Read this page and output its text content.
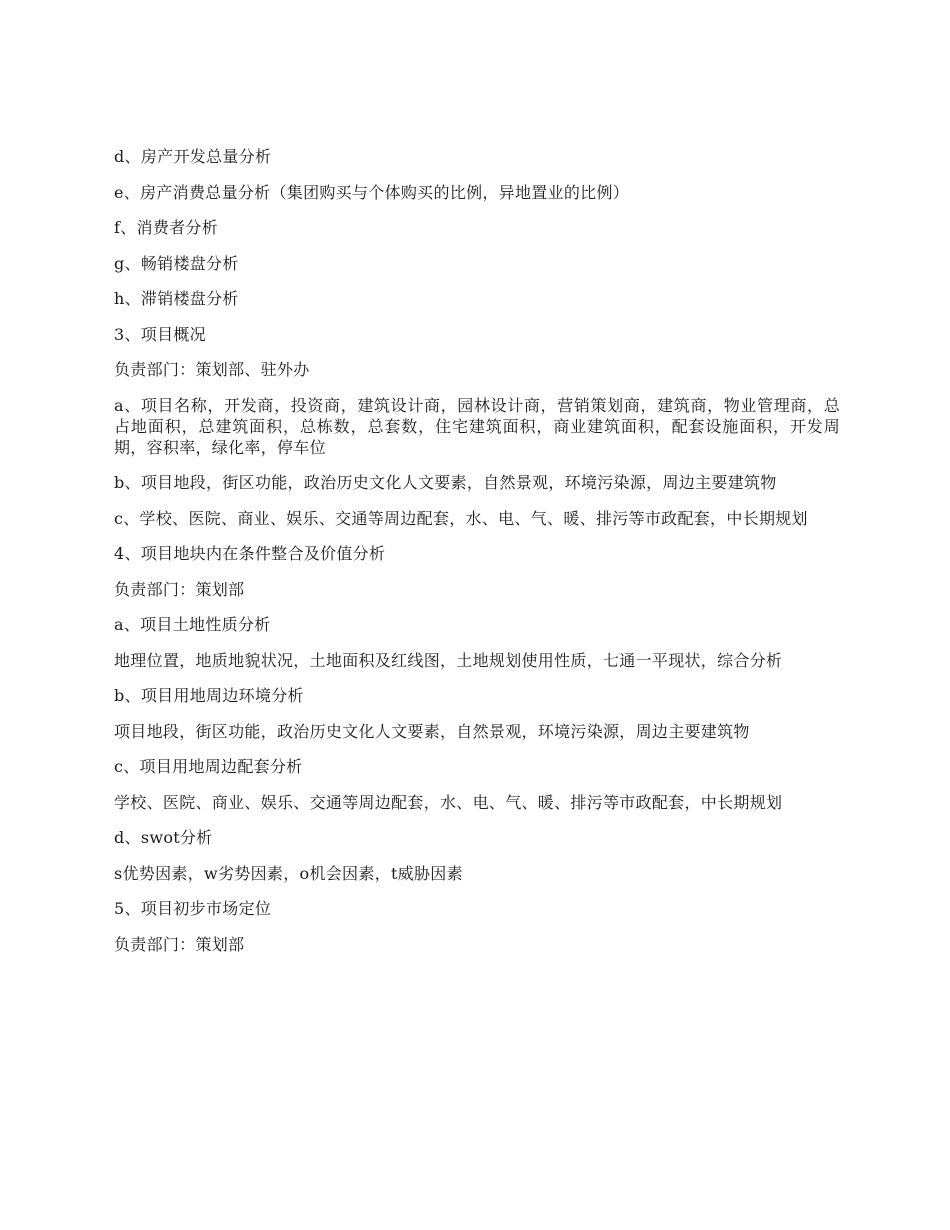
d、房产开发总量分析

e、房产消费总量分析（集团购买与个体购买的比例，异地置业的比例）

f、消费者分析

g、畅销楼盘分析

h、滞销楼盘分析

3、项目概况

负责部门：策划部、驻外办

a、项目名称，开发商，投资商，建筑设计商，园林设计商，营销策划商，建筑商，物业管理商，总占地面积，总建筑面积，总栋数，总套数，住宅建筑面积，商业建筑面积，配套设施面积，开发周期，容积率，绿化率，停车位

b、项目地段，街区功能，政治历史文化人文要素，自然景观，环境污染源，周边主要建筑物

c、学校、医院、商业、娱乐、交通等周边配套，水、电、气、暖、排污等市政配套，中长期规划

4、项目地块内在条件整合及价值分析

负责部门：策划部

a、项目土地性质分析

地理位置，地质地貌状况，土地面积及红线图，土地规划使用性质，七通一平现状，综合分析

b、项目用地周边环境分析

项目地段，街区功能，政治历史文化人文要素，自然景观，环境污染源，周边主要建筑物

c、项目用地周边配套分析

学校、医院、商业、娱乐、交通等周边配套，水、电、气、暖、排污等市政配套，中长期规划

d、swot分析

s优势因素，w劣势因素，o机会因素，t威胁因素

5、项目初步市场定位

负责部门：策划部
